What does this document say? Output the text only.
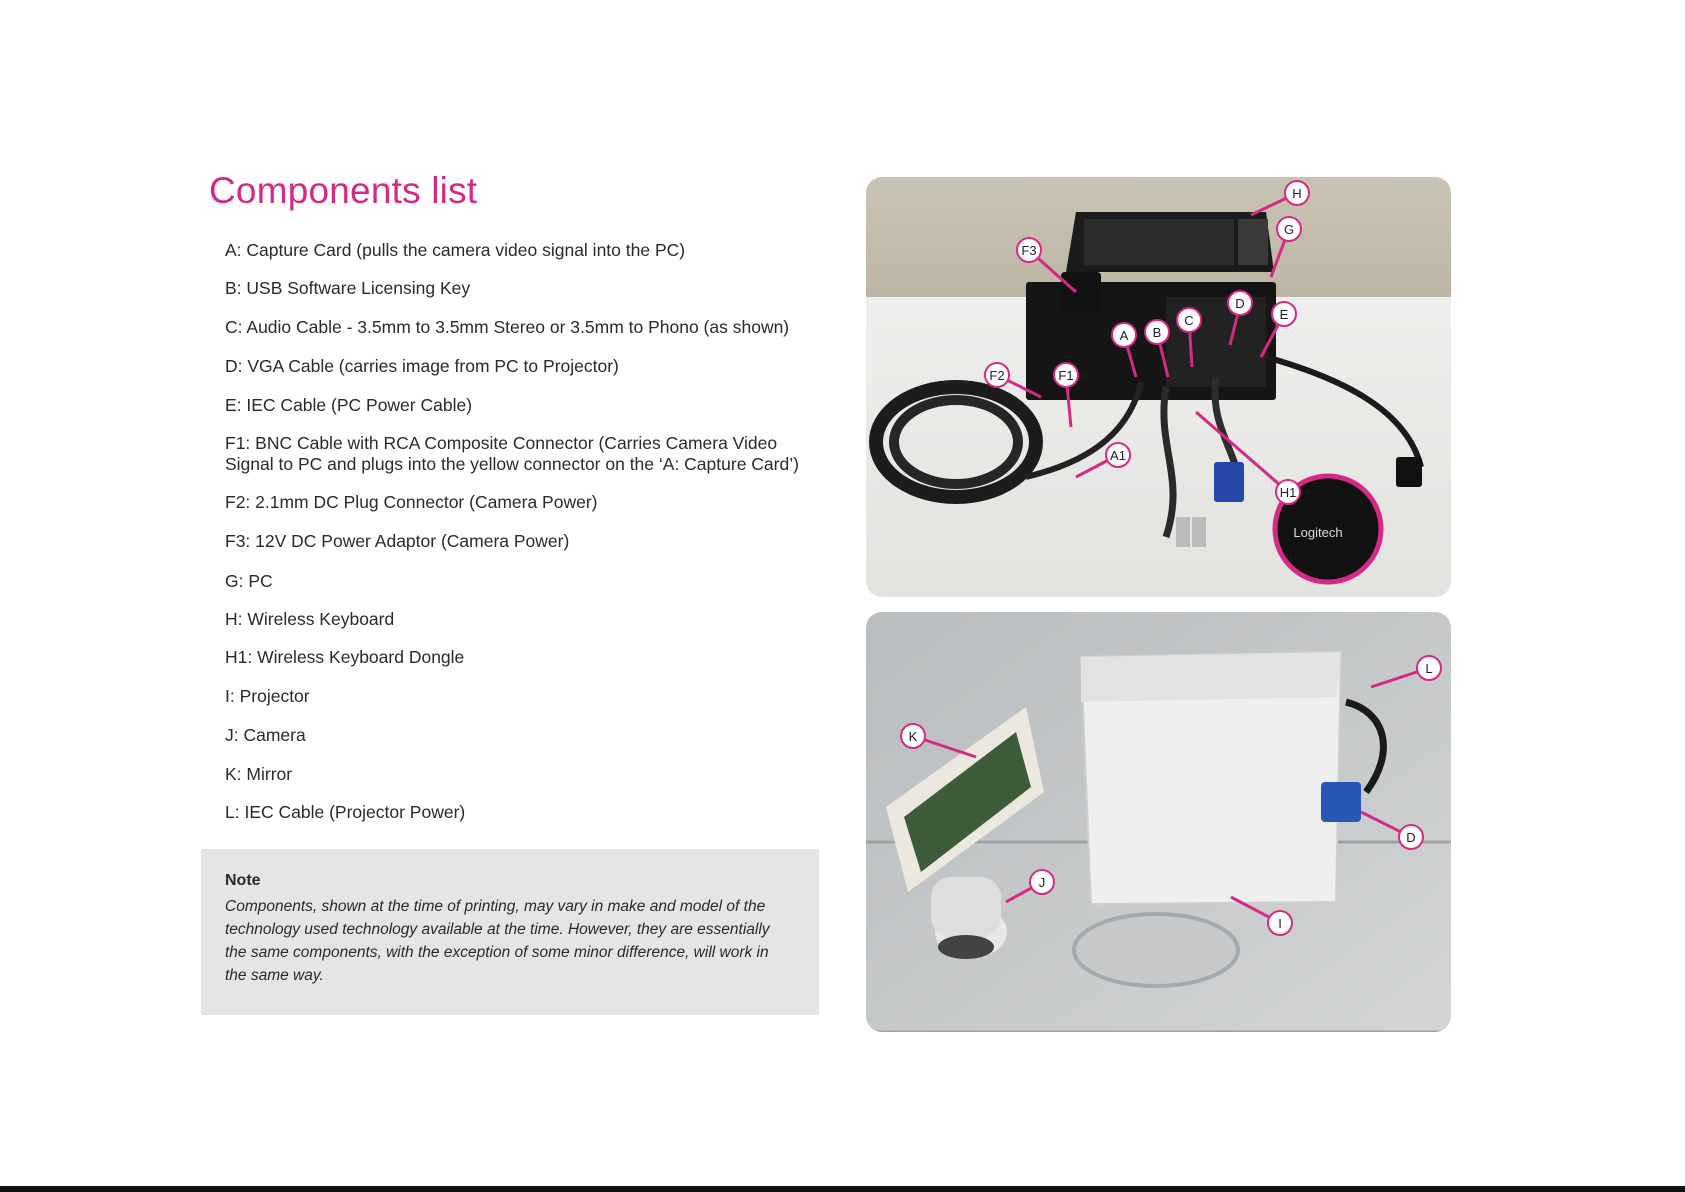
Components list
A: Capture Card (pulls the camera video signal into the PC)
B: USB Software Licensing Key
C: Audio Cable - 3.5mm to 3.5mm Stereo or 3.5mm to Phono (as shown)
D: VGA Cable (carries image from PC to Projector)
E: IEC Cable (PC Power Cable)
F1: BNC Cable with RCA Composite Connector (Carries Camera Video
Signal to PC and plugs into the yellow connector on the ‘A: Capture Card’)
F2: 2.1mm DC Plug Connector (Camera Power)
F3: 12V DC Power Adaptor (Camera Power)
G: PC
H: Wireless Keyboard
H1: Wireless Keyboard Dongle
I: Projector
J: Camera
K: Mirror
L: IEC Cable (Projector Power)
Note
Components, shown at the time of printing, may vary in make and model of the technology used technology available at the time. However, they are essentially the same components, with the exception of some minor difference, will work in the same way.
Logitech
H
G
F3
D
E
A B
C
F2	F1
A1
H1
L
K
D
J
I
